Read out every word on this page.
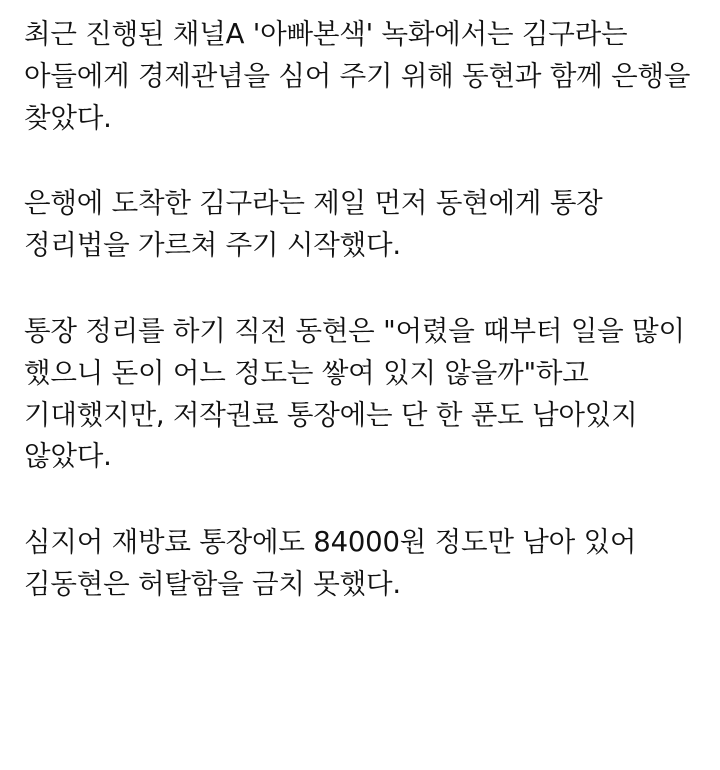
최근 진행된 채널A '아빠본색' 녹화에서는 김구라는 아들에게 경제관념을 심어 주기 위해 동현과 함께 은행을 찾았다.

은행에 도착한 김구라는 제일 먼저 동현에게 통장 정리법을 가르쳐 주기 시작했다.

통장 정리를 하기 직전 동현은 "어렸을 때부터 일을 많이 했으니 돈이 어느 정도는 쌓여 있지 않을까"하고 기대했지만, 저작권료 통장에는 단 한 푼도 남아있지 않았다.

심지어 재방료 통장에도 84000원 정도만 남아 있어 김동현은 허탈함을 금치 못했다.
